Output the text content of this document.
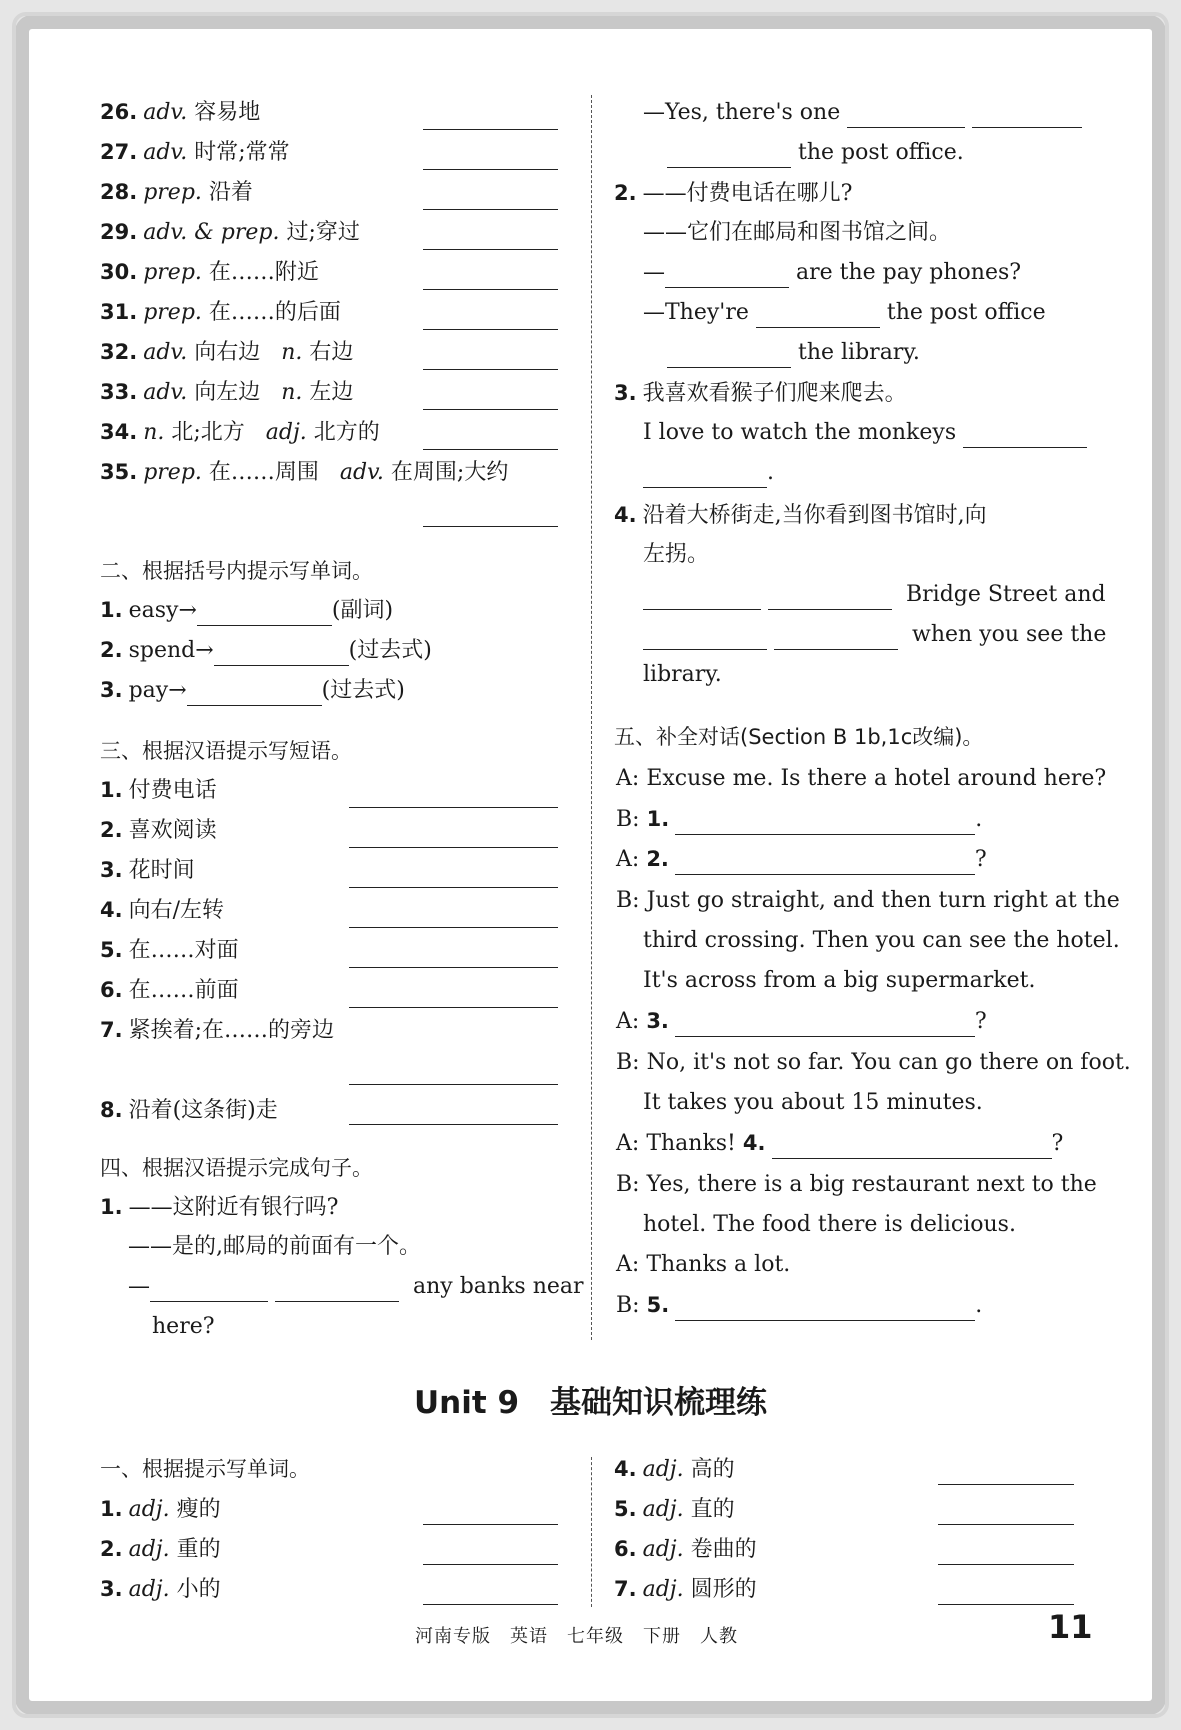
26. adv. 容易地
27. adv. 时常;常常
28. prep. 沿着
29. adv. & prep. 过;穿过
30. prep. 在……附近
31. prep. 在……的后面
32. adv. 向右边 n. 右边
33. adv. 向左边 n. 左边
34. n. 北;北方 adj. 北方的
35. prep. 在……周围 adv. 在周围;大约
二、根据括号内提示写单词。
1. easy→	(副词)
2. spend→	(过去式)
3. pay→	(过去式)
三、根据汉语提示写短语。
1. 付费电话
2. 喜欢阅读
3. 花时间
4. 向右/左转
5. 在……对面
6. 在……前面
7. 紧挨着;在……的旁边
8. 沿着(这条街)走
四、根据汉语提示完成句子。
1. ——这附近有银行吗?
——是的,邮局的前面有一个。
—	any banks near
here?
—Yes, there's one
the post office.
2. ——付费电话在哪儿?
——它们在邮局和图书馆之间。
—	are the pay phones?
—They're	the post office
the library.
3. 我喜欢看猴子们爬来爬去。
I love to watch the monkeys
.
4. 沿着大桥街走,当你看到图书馆时,向
左拐。
Bridge Street and
when you see the
library.
五、补全对话(Section B 1b,1c改编)。
A: Excuse me. Is there a hotel around here?
B: 1.	.
A: 2.	?
B: Just go straight, and then turn right at the
third crossing. Then you can see the hotel.
It's across from a big supermarket.
A: 3.	?
B: No, it's not so far. You can go there on foot.
It takes you about 15 minutes.
A: Thanks! 4.	?
B: Yes, there is a big restaurant next to the
hotel. The food there is delicious.
A: Thanks a lot.
B: 5.	.
Unit 9　基础知识梳理练
一、根据提示写单词。
1. adj. 瘦的
2. adj. 重的
3. adj. 小的
4. adj. 高的
5. adj. 直的
6. adj. 卷曲的
7. adj. 圆形的
河南专版　英语　七年级　下册　人教	11
